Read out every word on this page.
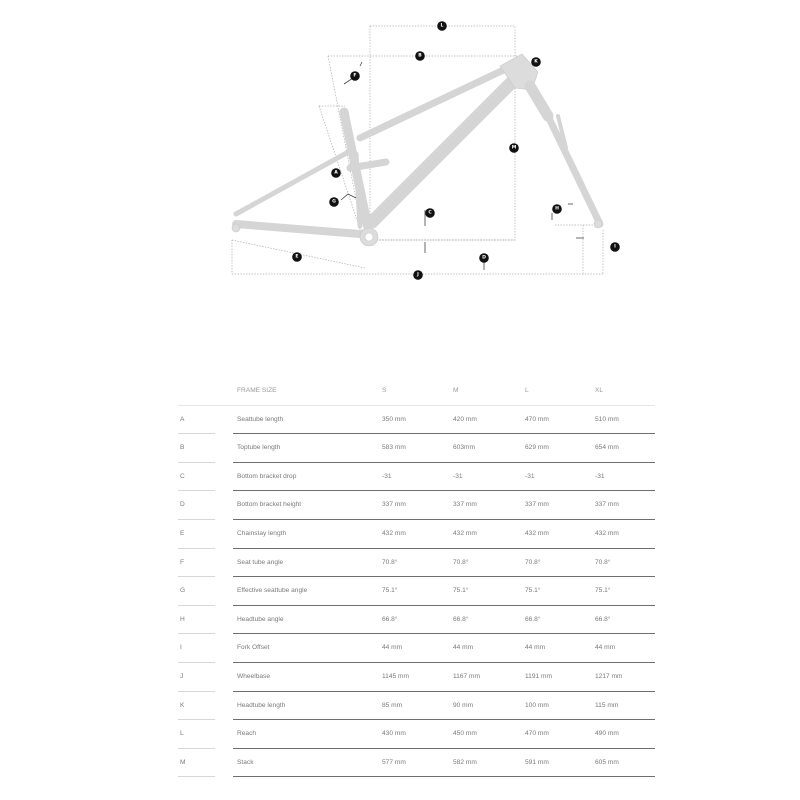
L
B
K
F
M
A
G
C
H
I
E	D
J
FRAME SIZE	S	M	L	XL
A	Seattube length	350 mm	420 mm	470 mm	510 mm
B	Toptube length	583 mm	603mm	629 mm	654 mm
C	Bottom bracket drop	-31	-31	-31	-31
D	Bottom bracket height	337 mm	337 mm	337 mm	337 mm
E	Chainstay length	432 mm	432 mm	432 mm	432 mm
F	Seat tube angle	70.8°	70.8°	70.8°	70.8°
G	Effective seattube angle	75.1°	75.1°	75.1°	75.1°
H	Headtube angle	66.8°	66.8°	66.8°	66.8°
I	Fork Offset	44 mm	44 mm	44 mm	44 mm
J	Wheelbase	1145 mm	1167 mm	1191 mm	1217 mm
K	Headtube length	85 mm	90 mm	100 mm	115 mm
L	Reach	430 mm	450 mm	470 mm	490 mm
M	Stack	577 mm	582 mm	591 mm	605 mm
